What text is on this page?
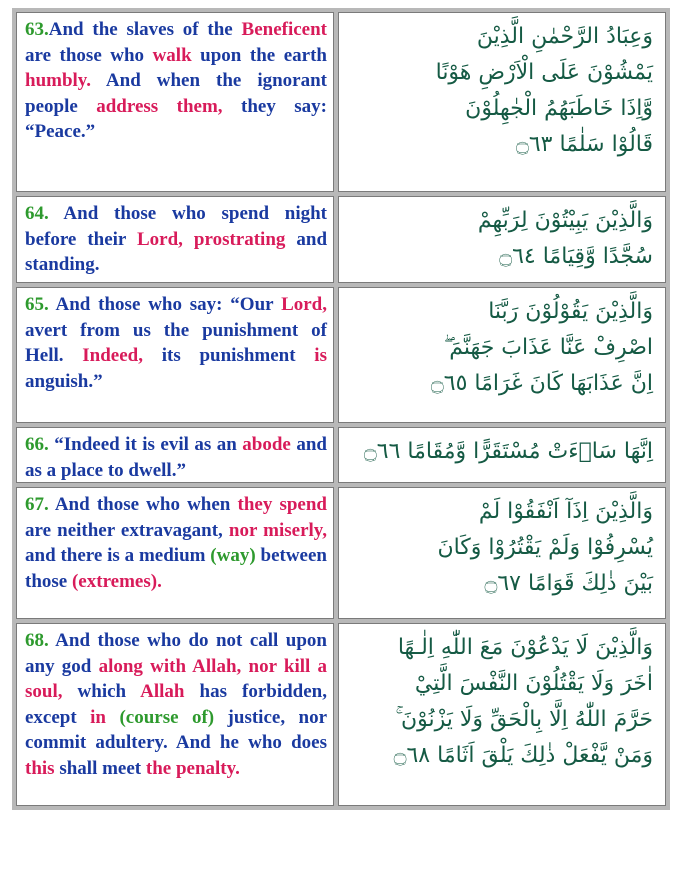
63.And the slaves of the Beneficent are those who walk upon the earth humbly. And when the ignorant people address them, they say: “Peace.”

وَعِبَادُ الرَّحْمٰنِ الَّذِيْنَ

يَمْشُوْنَ عَلَى الْاَرْضِ هَوْنًا

وَّاِذَا خَاطَبَهُمُ الْجٰهِلُوْنَ

قَالُوْا سَلٰمًا ۝٦٣

64. And those who spend night before their Lord, prostrating and standing.

وَالَّذِيْنَ يَبِيْتُوْنَ لِرَبِّهِمْ

سُجَّدًا وَّقِيَامًا ۝٦٤

65. And those who say: “Our Lord, avert from us the punishment of Hell. Indeed, its punishment is anguish.”

وَالَّذِيْنَ يَقُوْلُوْنَ رَبَّنَا

اصْرِفْ عَنَّا عَذَابَ جَهَنَّمَ ۖ

اِنَّ عَذَابَهَا كَانَ غَرَامًا ۝٦٥

66. “Indeed it is evil as an abode and as a place to dwell.”

اِنَّهَا سَاۗءَتْ مُسْتَقَرًّا وَّمُقَامًا ۝٦٦

67. And those who when they spend are neither extravagant, nor miserly, and there is a medium (way) between those (extremes).

وَالَّذِيْنَ اِذَآ اَنْفَقُوْا لَمْ

يُسْرِفُوْا وَلَمْ يَقْتُرُوْا وَكَانَ

بَيْنَ ذٰلِكَ قَوَامًا ۝٦٧

68. And those who do not call upon any god along with Allah, nor kill a soul, which Allah has forbidden, except in (course of) justice, nor commit adultery. And he who does this shall meet the penalty.

وَالَّذِيْنَ لَا يَدْعُوْنَ مَعَ اللّٰهِ اِلٰـهًا

اٰخَرَ وَلَا يَقْتُلُوْنَ النَّفْسَ الَّتِيْ

حَرَّمَ اللّٰهُ اِلَّا بِالْحَقِّ وَلَا يَزْنُوْنَ ۚ

وَمَنْ يَّفْعَلْ ذٰلِكَ يَلْقَ اَثَامًا ۝٦٨
